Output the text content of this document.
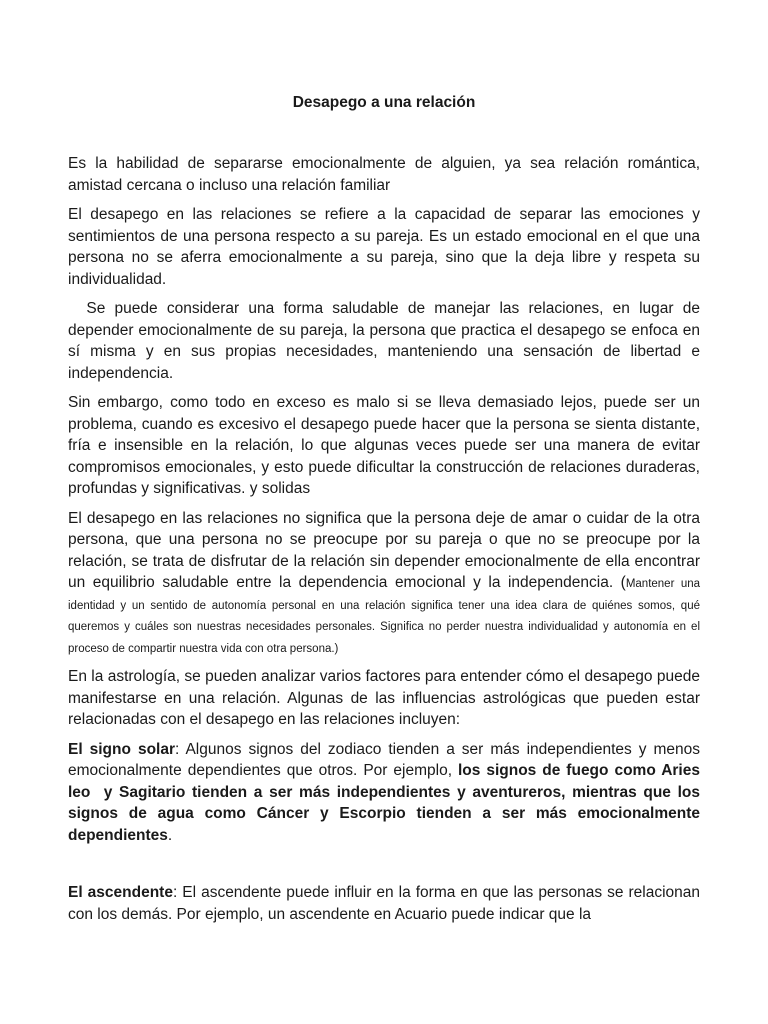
Desapego a una relación

Es la habilidad de separarse emocionalmente de alguien, ya sea relación romántica, amistad cercana o incluso una relación familiar

El desapego en las relaciones se refiere a la capacidad de separar las emociones y sentimientos de una persona respecto a su pareja. Es un estado emocional en el que una persona no se aferra emocionalmente a su pareja, sino que la deja libre y respeta su individualidad.

Se puede considerar una forma saludable de manejar las relaciones, en lugar de depender emocionalmente de su pareja, la persona que practica el desapego se enfoca en sí misma y en sus propias necesidades, manteniendo una sensación de libertad e independencia.

Sin embargo, como todo en exceso es malo si se lleva demasiado lejos, puede ser un problema, cuando es excesivo el desapego puede hacer que la persona se sienta distante, fría e insensible en la relación, lo que algunas veces puede ser una manera de evitar compromisos emocionales, y esto puede dificultar la construcción de relaciones duraderas, profundas y significativas. y solidas

El desapego en las relaciones no significa que la persona deje de amar o cuidar de la otra persona, que una persona no se preocupe por su pareja o que no se preocupe por la relación, se trata de disfrutar de la relación sin depender emocionalmente de ella encontrar un equilibrio saludable entre la dependencia emocional y la independencia. (Mantener una identidad y un sentido de autonomía personal en una relación significa tener una idea clara de quiénes somos, qué queremos y cuáles son nuestras necesidades personales. Significa no perder nuestra individualidad y autonomía en el proceso de compartir nuestra vida con otra persona.)

En la astrología, se pueden analizar varios factores para entender cómo el desapego puede manifestarse en una relación. Algunas de las influencias astrológicas que pueden estar relacionadas con el desapego en las relaciones incluyen:

El signo solar: Algunos signos del zodiaco tienden a ser más independientes y menos emocionalmente dependientes que otros. Por ejemplo, los signos de fuego como Aries leo  y Sagitario tienden a ser más independientes y aventureros, mientras que los signos de agua como Cáncer y Escorpio tienden a ser más emocionalmente dependientes.

El ascendente: El ascendente puede influir en la forma en que las personas se relacionan con los demás. Por ejemplo, un ascendente en Acuario puede indicar que la
